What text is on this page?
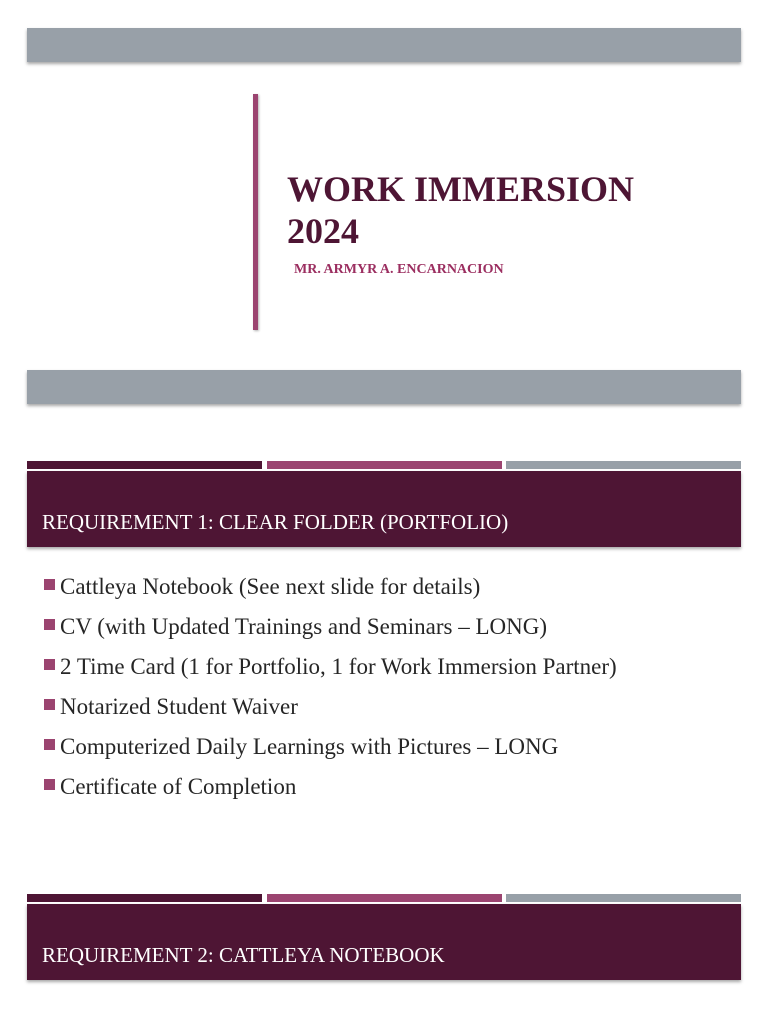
WORK IMMERSION
2024
MR. ARMYR A. ENCARNACION
REQUIREMENT 1: CLEAR FOLDER (PORTFOLIO)
Cattleya Notebook (See next slide for details)
CV (with Updated Trainings and Seminars – LONG)
2 Time Card (1 for Portfolio, 1 for Work Immersion Partner)
Notarized Student Waiver
Computerized Daily Learnings with Pictures – LONG
Certificate of Completion
REQUIREMENT 2: CATTLEYA NOTEBOOK
